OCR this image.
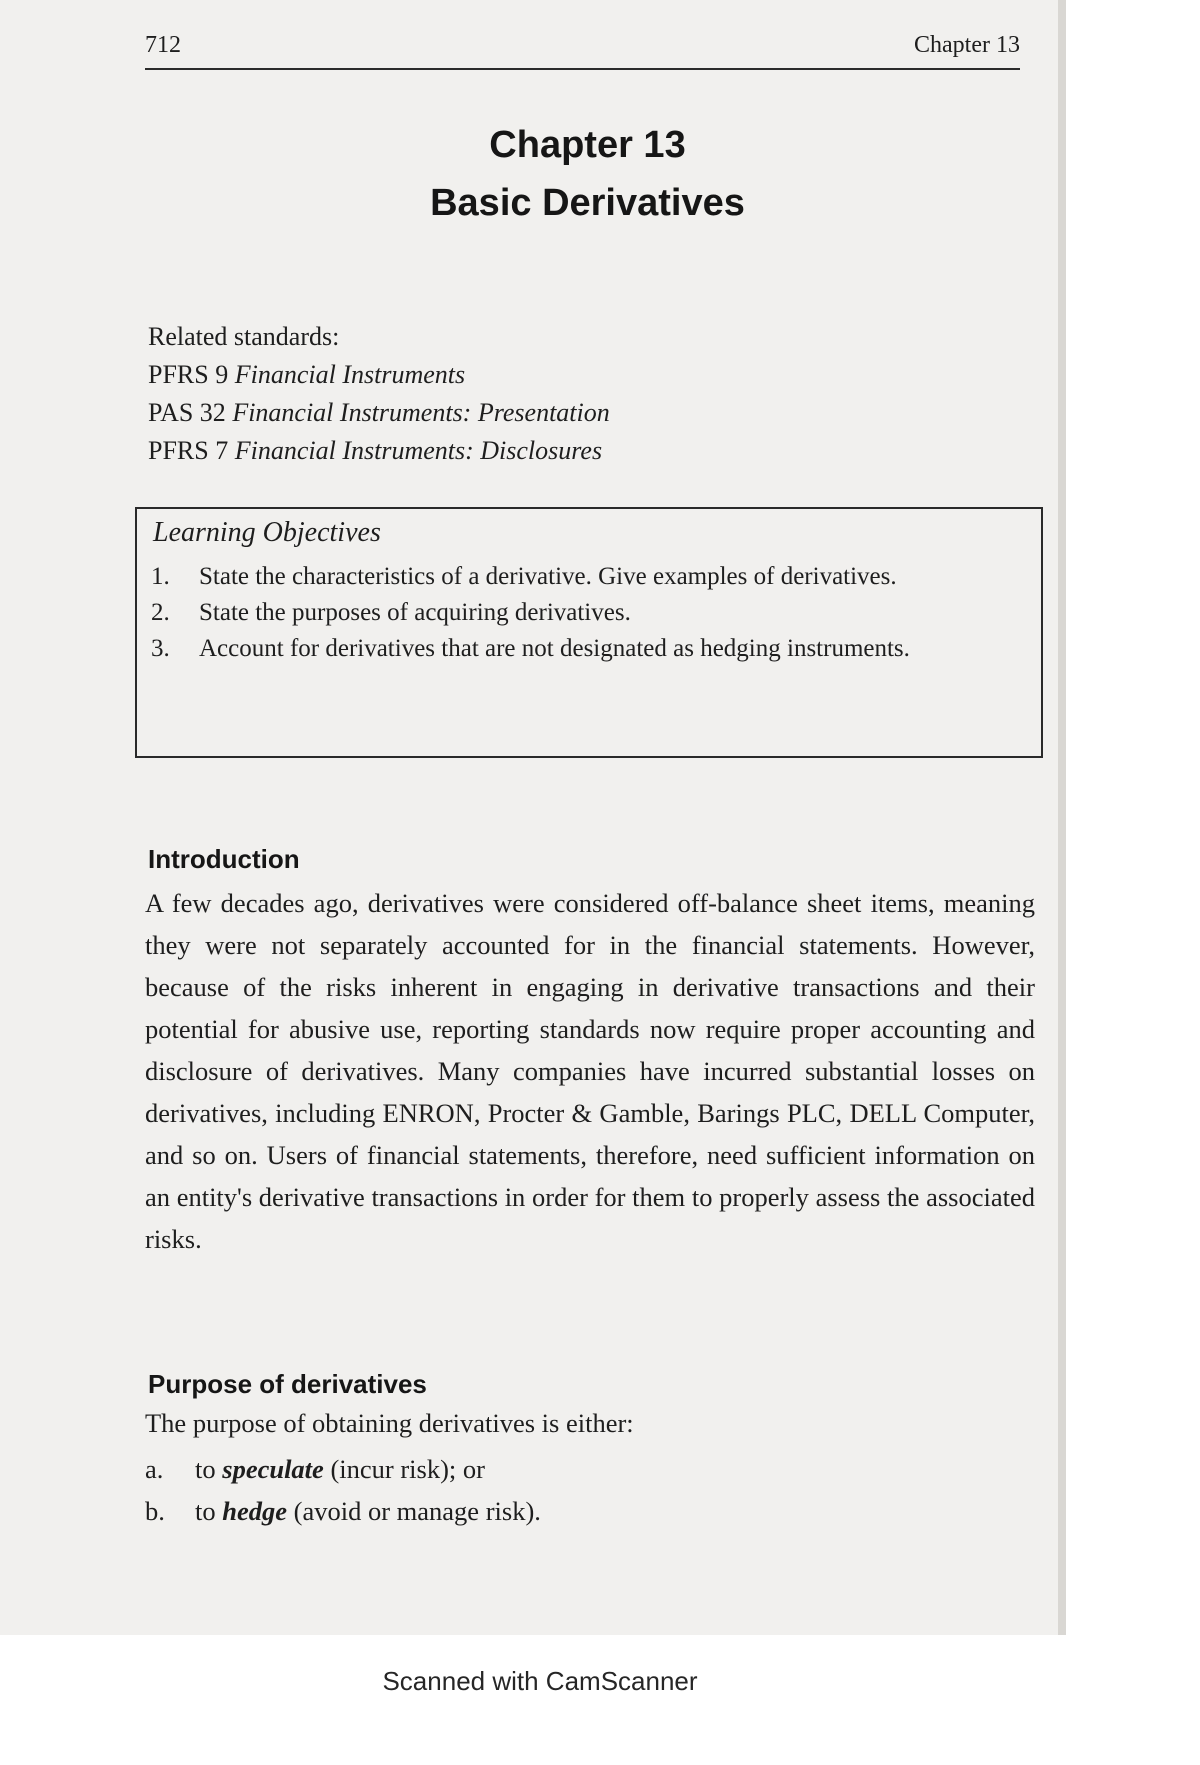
712	Chapter 13
Chapter 13
Basic Derivatives
Related standards:
PFRS 9 Financial Instruments
PAS 32 Financial Instruments: Presentation
PFRS 7 Financial Instruments: Disclosures
Learning Objectives
1.	State the characteristics of a derivative. Give examples of derivatives.
2.	State the purposes of acquiring derivatives.
3.	Account for derivatives that are not designated as hedging instruments.
Introduction
A few decades ago, derivatives were considered off-balance sheet items, meaning they were not separately accounted for in the financial statements. However, because of the risks inherent in engaging in derivative transactions and their potential for abusive use, reporting standards now require proper accounting and disclosure of derivatives. Many companies have incurred substantial losses on derivatives, including ENRON, Procter & Gamble, Barings PLC, DELL Computer, and so on. Users of financial statements, therefore, need sufficient information on an entity's derivative transactions in order for them to properly assess the associated risks.
Purpose of derivatives
The purpose of obtaining derivatives is either:
a.	to speculate (incur risk); or
b.	to hedge (avoid or manage risk).
Scanned with CamScanner
